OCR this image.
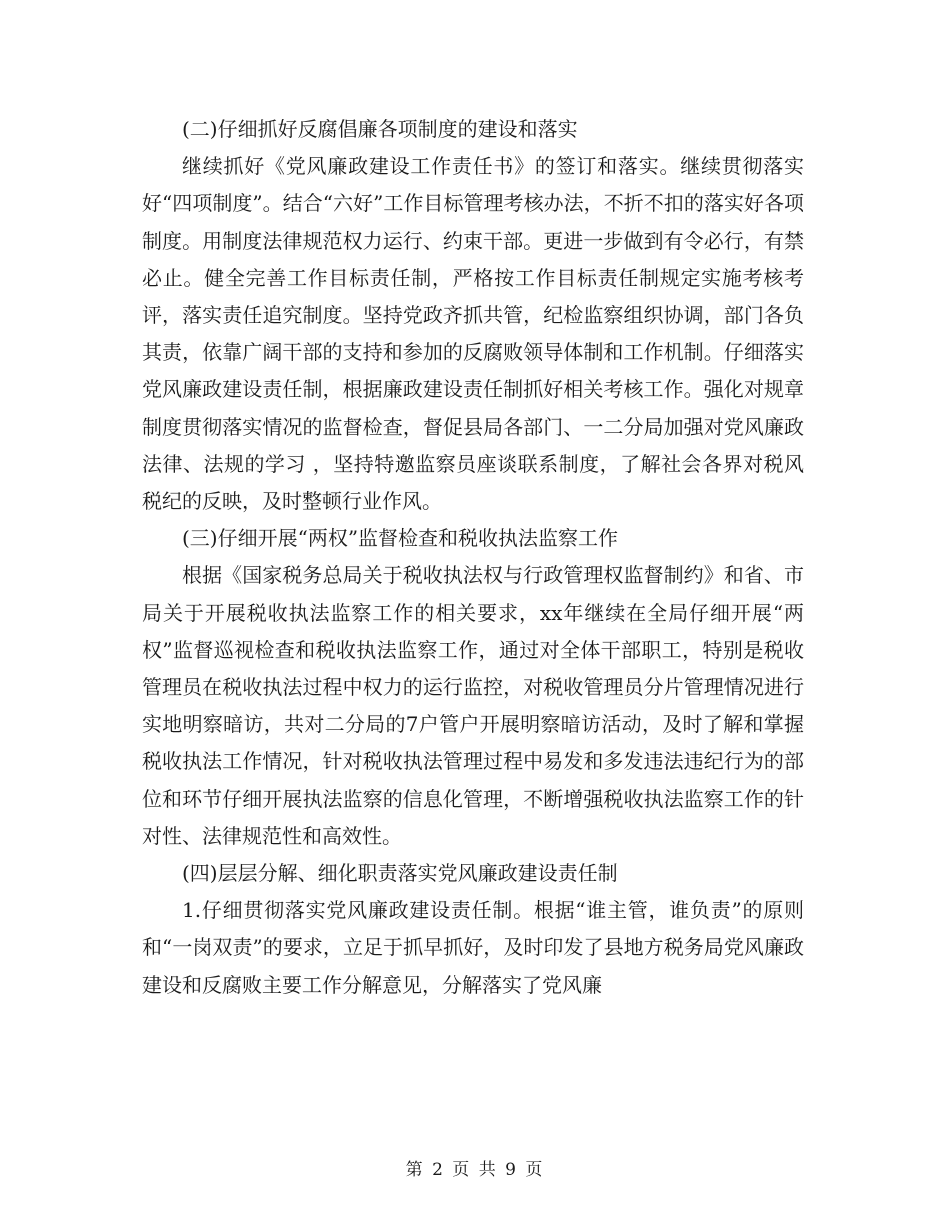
(二)仔细抓好反腐倡廉各项制度的建设和落实

继续抓好《党风廉政建设工作责任书》的签订和落实。继续贯彻落实好“四项制度”。结合“六好”工作目标管理考核办法，不折不扣的落实好各项制度。用制度法律规范权力运行、约束干部。更进一步做到有令必行，有禁必止。健全完善工作目标责任制，严格按工作目标责任制规定实施考核考评，落实责任追究制度。坚持党政齐抓共管，纪检监察组织协调，部门各负其责，依靠广阔干部的支持和参加的反腐败领导体制和工作机制。仔细落实党风廉政建设责任制，根据廉政建设责任制抓好相关考核工作。强化对规章制度贯彻落实情况的监督检查，督促县局各部门、一二分局加强对党风廉政法律、法规的学习 ，坚持特邀监察员座谈联系制度，了解社会各界对税风税纪的反映，及时整顿行业作风。

(三)仔细开展“两权”监督检查和税收执法监察工作

根据《国家税务总局关于税收执法权与行政管理权监督制约》和省、市局关于开展税收执法监察工作的相关要求，xx年继续在全局仔细开展“两权”监督巡视检查和税收执法监察工作，通过对全体干部职工，特别是税收管理员在税收执法过程中权力的运行监控，对税收管理员分片管理情况进行实地明察暗访，共对二分局的7户管户开展明察暗访活动，及时了解和掌握税收执法工作情况，针对税收执法管理过程中易发和多发违法违纪行为的部位和环节仔细开展执法监察的信息化管理，不断增强税收执法监察工作的针对性、法律规范性和高效性。

(四)层层分解、细化职责落实党风廉政建设责任制

1.仔细贯彻落实党风廉政建设责任制。根据“谁主管，谁负责”的原则和“一岗双责”的要求，立足于抓早抓好，及时印发了县地方税务局党风廉政建设和反腐败主要工作分解意见，分解落实了党风廉

第 2 页 共 9 页
